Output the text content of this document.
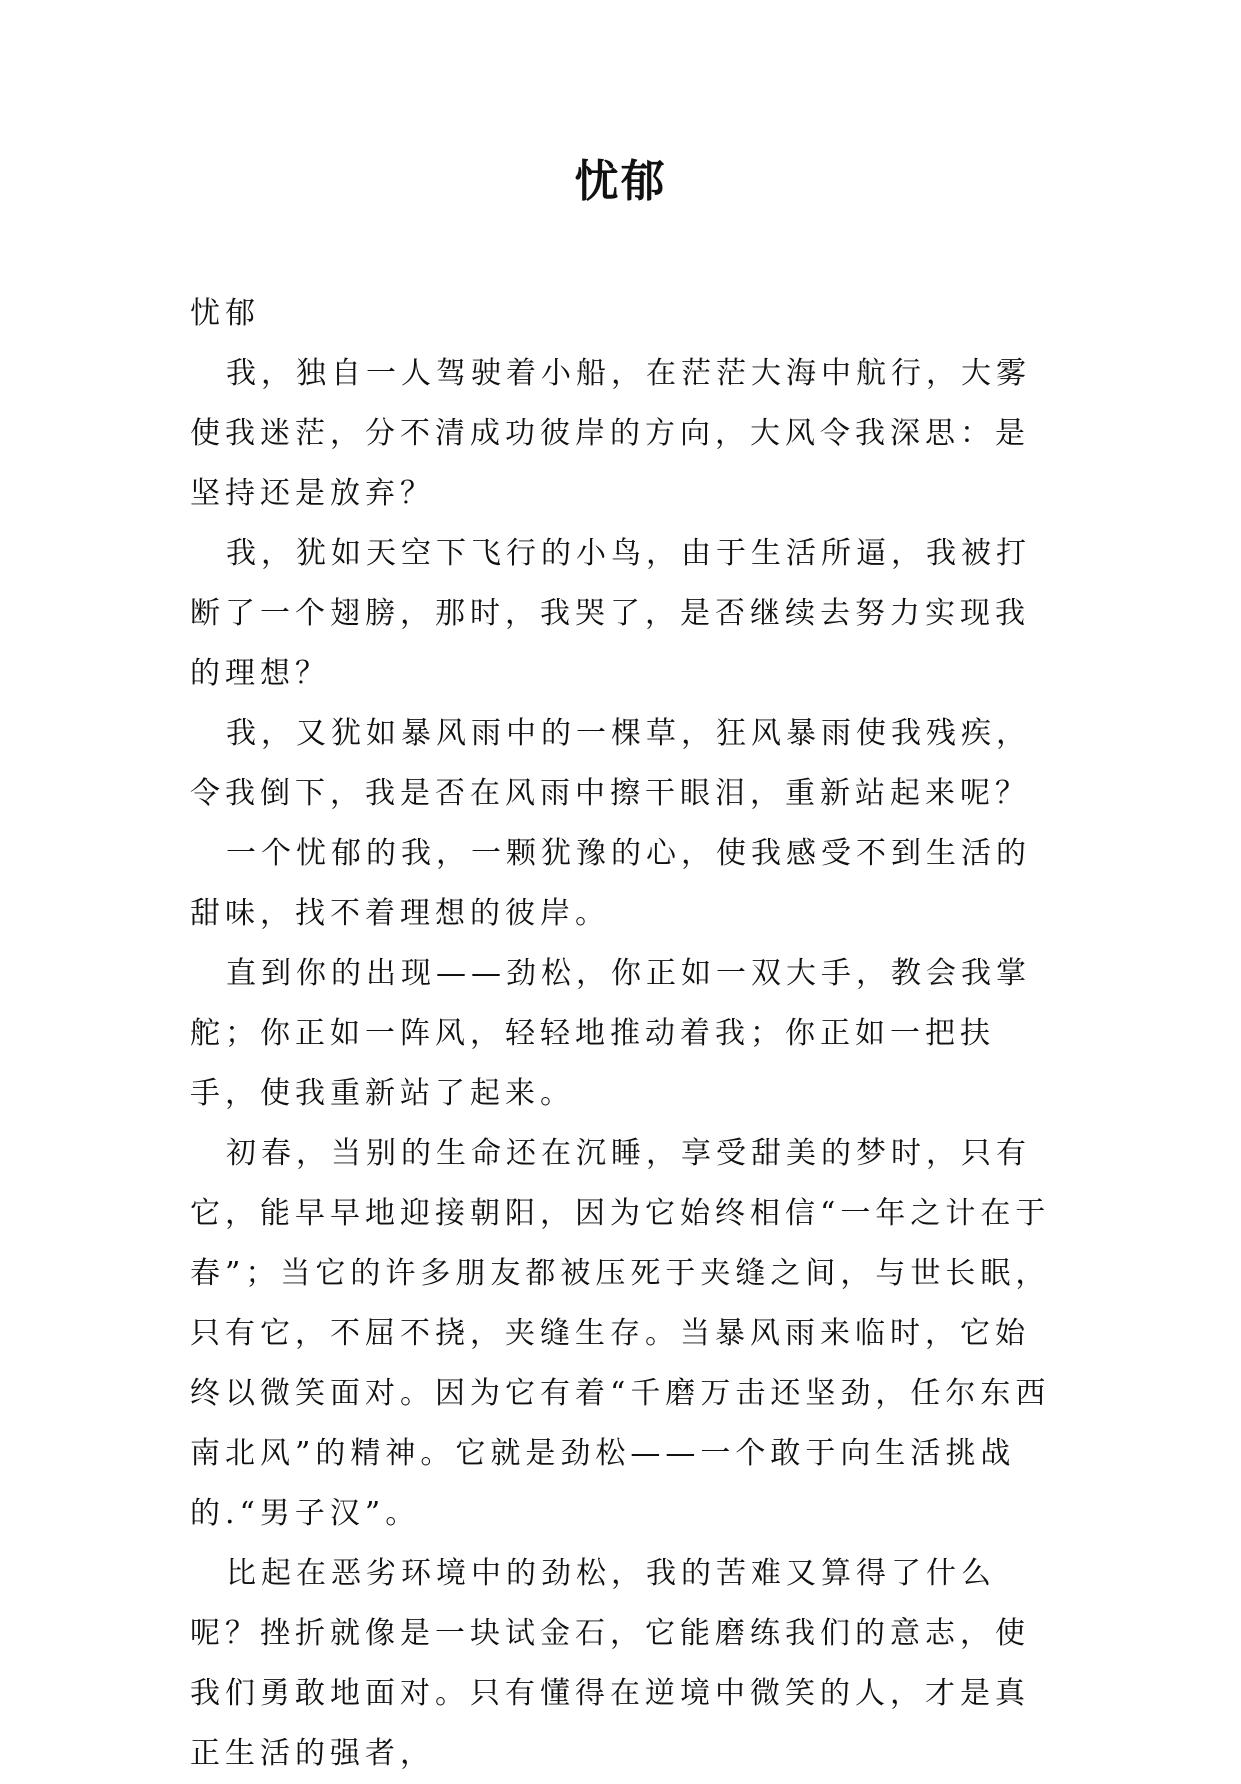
忧郁

忧郁

我，独自一人驾驶着小船，在茫茫大海中航行，大雾使我迷茫，分不清成功彼岸的方向，大风令我深思：是坚持还是放弃？

我，犹如天空下飞行的小鸟，由于生活所逼，我被打断了一个翅膀，那时，我哭了，是否继续去努力实现我的理想？

我，又犹如暴风雨中的一棵草，狂风暴雨使我残疾，令我倒下，我是否在风雨中擦干眼泪，重新站起来呢？

一个忧郁的我，一颗犹豫的心，使我感受不到生活的甜味，找不着理想的彼岸。

直到你的出现——劲松，你正如一双大手，教会我掌舵；你正如一阵风，轻轻地推动着我；你正如一把扶手，使我重新站了起来。

初春，当别的生命还在沉睡，享受甜美的梦时，只有它，能早早地迎接朝阳，因为它始终相信“一年之计在于春”；当它的许多朋友都被压死于夹缝之间，与世长眠，只有它，不屈不挠，夹缝生存。当暴风雨来临时，它始终以微笑面对。因为它有着“千磨万击还坚劲，任尔东西南北风”的精神。它就是劲松——一个敢于向生活挑战的.“男子汉”。

比起在恶劣环境中的劲松，我的苦难又算得了什么呢？挫折就像是一块试金石，它能磨练我们的意志，使我们勇敢地面对。只有懂得在逆境中微笑的人，才是真正生活的强者，
